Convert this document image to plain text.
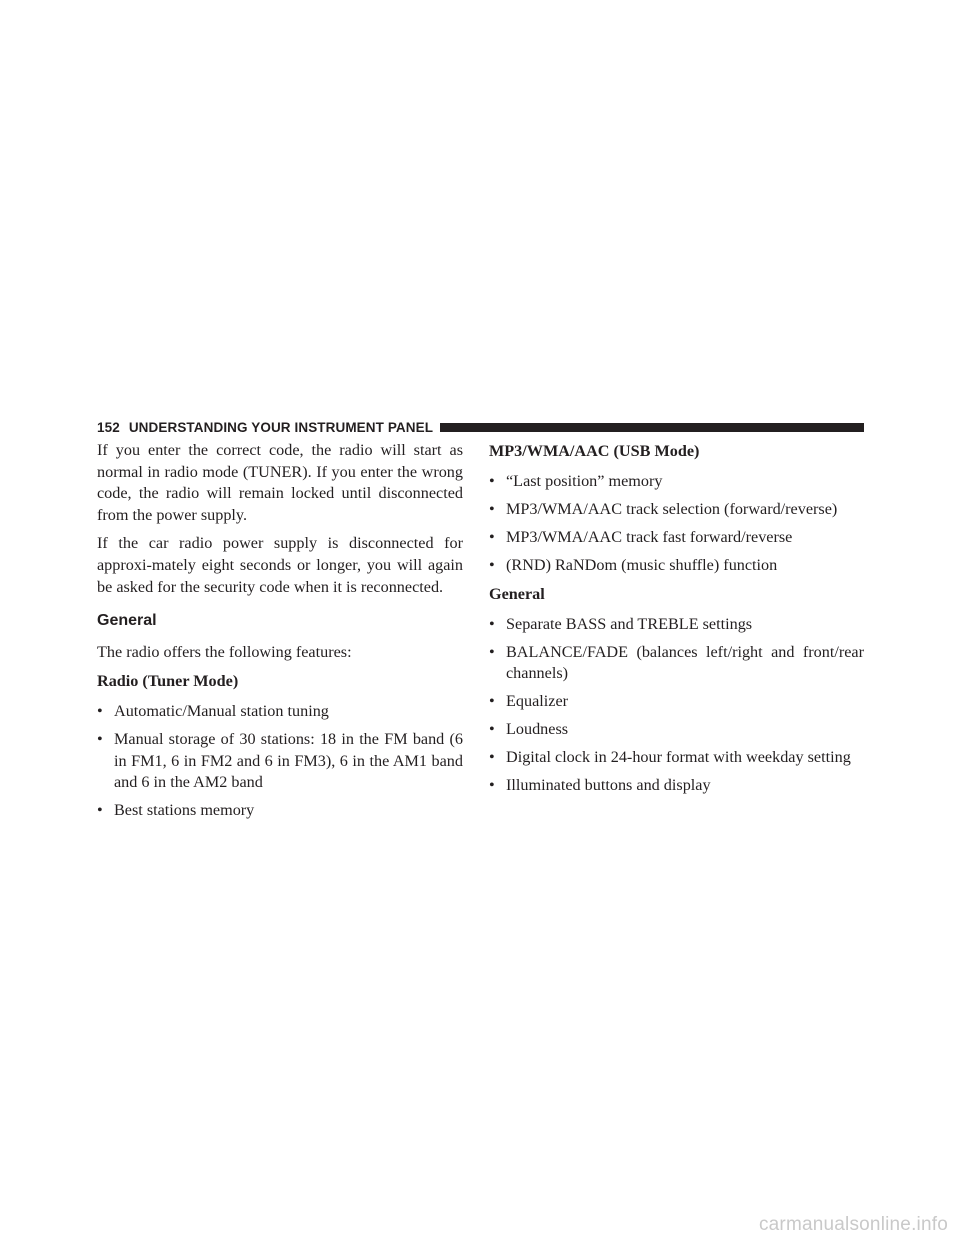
152 UNDERSTANDING YOUR INSTRUMENT PANEL

If you enter the correct code, the radio will start as normal in radio mode (TUNER). If you enter the wrong code, the radio will remain locked until disconnected from the power supply.

If the car radio power supply is disconnected for approxi-mately eight seconds or longer, you will again be asked for the security code when it is reconnected.

General

The radio offers the following features:

Radio (Tuner Mode)
• Automatic/Manual station tuning
• Manual storage of 30 stations: 18 in the FM band (6 in FM1, 6 in FM2 and 6 in FM3), 6 in the AM1 band and 6 in the AM2 band
• Best stations memory
MP3/WMA/AAC (USB Mode)
• “Last position” memory
• MP3/WMA/AAC track selection (forward/reverse)
• MP3/WMA/AAC track fast forward/reverse
• (RND) RaNDom (music shuffle) function
General
• Separate BASS and TREBLE settings
• BALANCE/FADE (balances left/right and front/rear channels)
• Equalizer
• Loudness
• Digital clock in 24-hour format with weekday setting
• Illuminated buttons and display
carmanualsonline.info
